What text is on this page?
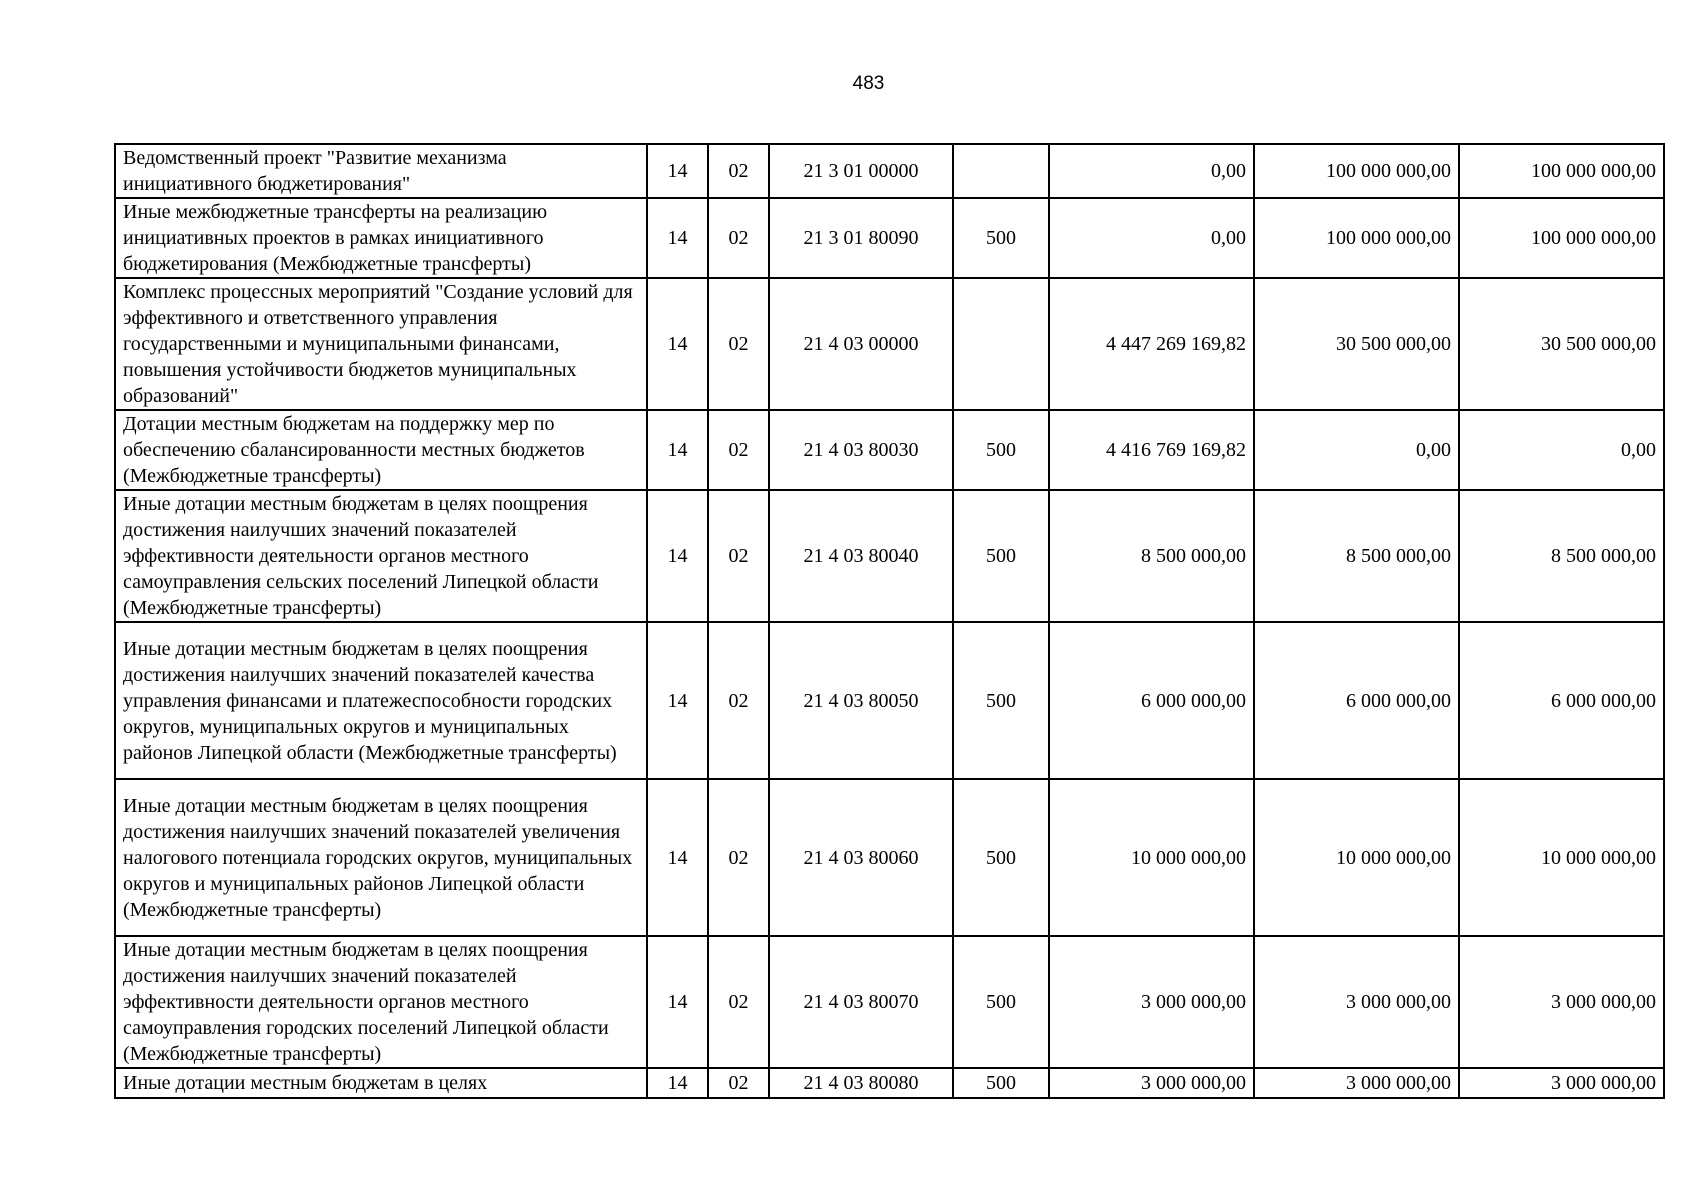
483
Ведомственный проект "Развитие механизма инициативного бюджетирования"	14	02	21 3 01 00000		0,00	100 000 000,00	100 000 000,00
Иные межбюджетные трансферты на реализацию инициативных проектов в рамках инициативного бюджетирования (Межбюджетные трансферты)	14	02	21 3 01 80090	500	0,00	100 000 000,00	100 000 000,00
Комплекс процессных мероприятий "Создание условий для эффективного и ответственного управления государственными и муниципальными финансами, повышения устойчивости бюджетов муниципальных образований"	14	02	21 4 03 00000		4 447 269 169,82	30 500 000,00	30 500 000,00
Дотации местным бюджетам на поддержку мер по обеспечению сбалансированности местных бюджетов (Межбюджетные трансферты)	14	02	21 4 03 80030	500	4 416 769 169,82	0,00	0,00
Иные дотации местным бюджетам в целях поощрения достижения наилучших значений показателей эффективности деятельности органов местного самоуправления сельских поселений Липецкой области (Межбюджетные трансферты)	14	02	21 4 03 80040	500	8 500 000,00	8 500 000,00	8 500 000,00
Иные дотации местным бюджетам в целях поощрения достижения наилучших значений показателей качества управления финансами и платежеспособности городских округов, муниципальных округов и муниципальных районов Липецкой области (Межбюджетные трансферты)	14	02	21 4 03 80050	500	6 000 000,00	6 000 000,00	6 000 000,00
Иные дотации местным бюджетам в целях поощрения достижения наилучших значений показателей увеличения налогового потенциала городских округов, муниципальных округов и муниципальных районов Липецкой области (Межбюджетные трансферты)	14	02	21 4 03 80060	500	10 000 000,00	10 000 000,00	10 000 000,00
Иные дотации местным бюджетам в целях поощрения достижения наилучших значений показателей эффективности деятельности органов местного самоуправления городских поселений Липецкой области (Межбюджетные трансферты)	14	02	21 4 03 80070	500	3 000 000,00	3 000 000,00	3 000 000,00
Иные дотации местным бюджетам в целях	14	02	21 4 03 80080	500	3 000 000,00	3 000 000,00	3 000 000,00
